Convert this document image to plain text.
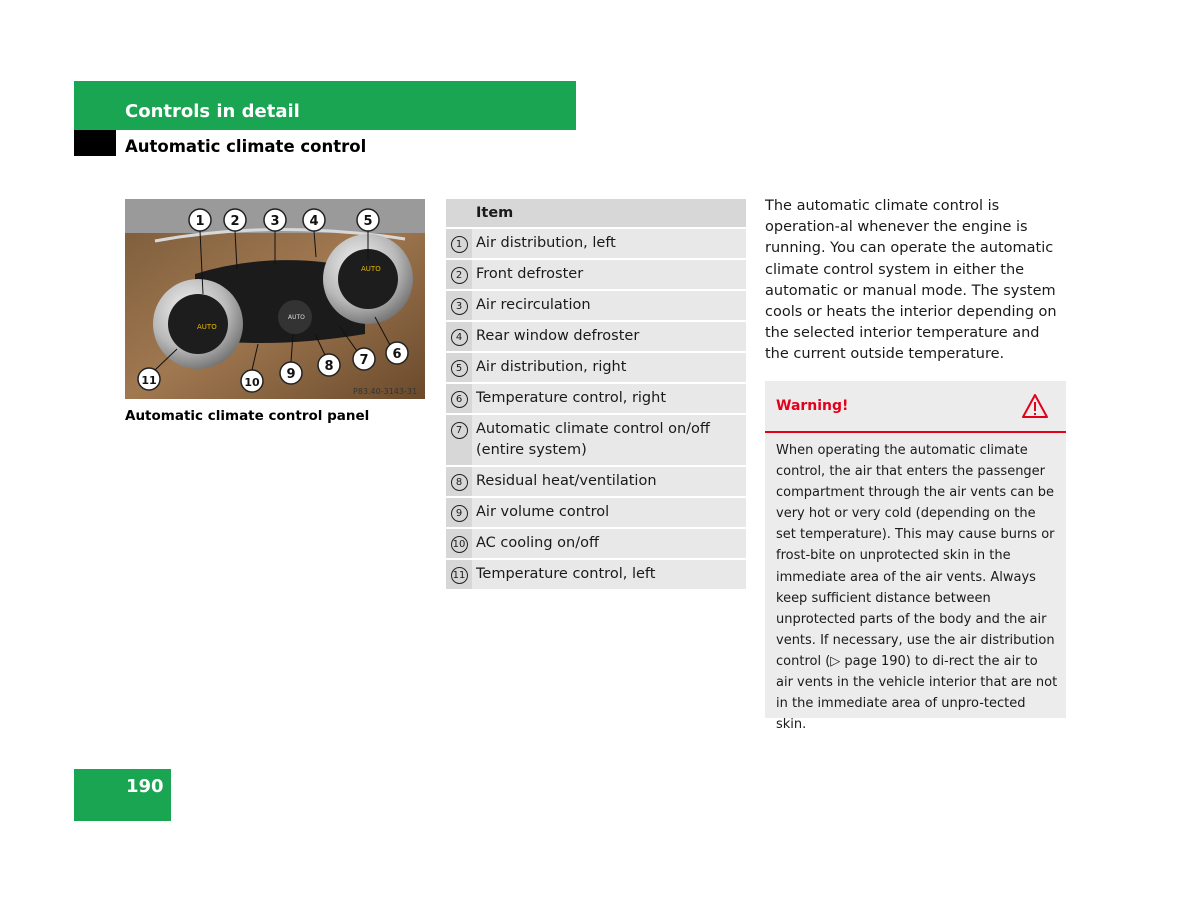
Controls in detail
Automatic climate control
AUTO
AUTO
AUTO
1 2 3 4	5
6
7
8
9
10
11
P83.40-3143-31
Automatic climate control panel
	Item
1	Air distribution, left
2	Front defroster
3	Air recirculation
4	Rear window defroster
5	Air distribution, right
6	Temperature control, right
7	Automatic climate control on/off (entire system)
8	Residual heat/ventilation
9	Air volume control
10	AC cooling on/off
11	Temperature control, left
The automatic climate control is operation-al whenever the engine is running. You can operate the automatic climate control system in either the automatic or manual mode. The system cools or heats the interior depending on the selected interior temperature and the current outside temperature.
Warning!
When operating the automatic climate control, the air that enters the passenger compartment through the air vents can be very hot or very cold (depending on the set temperature). This may cause burns or frost-bite on unprotected skin in the immediate area of the air vents. Always keep sufficient distance between unprotected parts of the body and the air vents. If necessary, use the air distribution control (▷ page 190) to di-rect the air to air vents in the vehicle interior that are not in the immediate area of unpro-tected skin.
190
